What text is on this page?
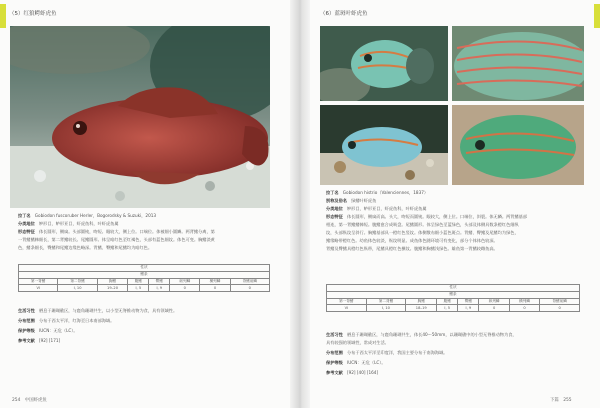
（5）红狼鳄虾虎鱼
拉丁名　 Gobiodon fuscoruber Herler，Bogorodsky & Suzuki，2013
分类地位　 鲈形目，鲈形亚目，虾虎鱼科，叶虾虎鱼属
形态特征　 体长圆形，侧扁。头部圆钝，吻短。眼较大，侧上位。口端位。体被细小圆鳞。两背鳍分离，第
一背鳍鳍棘细长，第二背鳍较长。尾鳍圆形。体呈暗红色至红褐色，头部有蓝色细纹。体色可变。胸鳍淡黄
色，鳍条细长，臀鳍和尾鳍边缘色略深。背鳍、臀鳍和尾鳍均为暗红色。
性状							
鳍条							
第一背鳍	第二背鳍	胸鳍	腹鳍	臀鳍	纵列鳞	横列鳞	背鳍前鳞
Ⅵ	I, 10	19–20	I, 5	I, 9	0	0	0
生活习性　 栖息于珊瑚礁区，与鹿角珊瑚共生，以小型无脊椎动物为食，具有领域性。
分布范围　 分布于西太平洋，红海至日本南部海域。
保护等级　 IUCN：无危（LC）。
参考文献　 [92] [171]
254　 中国虾虎鱼
（6）蓝斑叶虾虎鱼
拉丁名　 Gobiodon histrio（Valenciennes，1837）
别称及俗名　 绿鳍叶虾虎鱼
分类地位　 鲈形目，鲈形亚目，虾虎鱼科，叶虾虎鱼属
形态特征　 体长圆形，侧扁而高。头大，吻短而圆钝。眼较大，侧上位。口端位，斜裂。体无鳞。两背鳍基部
相连，第一背鳍鳍棘短。腹鳍愈合成吸盘。尾鳍圆形。体呈绿色至蓝绿色，头部及体侧具数条橙红色细纵
纹，头部纵纹呈斜行。胸鳍基部具一橙红色竖纹。体侧散布细小蓝色斑点。背鳍、臀鳍及尾鳍均为绿色，
鳍缘略带橙红色。幼鱼体色较淡，纵纹明显。成鱼体色随环境可有变化，部分个体体色较深。
背鳍及臀鳍具橙红色纵带，尾鳍具橙红色横纹。腹鳍和胸鳍浅绿色。雄鱼第一背鳍较雌鱼高。
性状							
鳍条							
第一背鳍	第二背鳍	胸鳍	腹鳍	臀鳍	纵列鳞	横列鳞	背鳍前鳞
Ⅵ	I, 10	18–19	I, 5	I, 9	0	0	0
生活习性　 栖息于珊瑚礁区，与鹿角珊瑚共生，体长40～50mm，以珊瑚礁中的小型无脊椎动物为食，
具有较强的领域性，常成对生活。
分布范围　 分布于西太平洋至印度洋，我国主要分布于南海海域。
保护等级　 IUCN：无危（LC）。
参考文献　 [92] [40] [164]
下篇　 255
